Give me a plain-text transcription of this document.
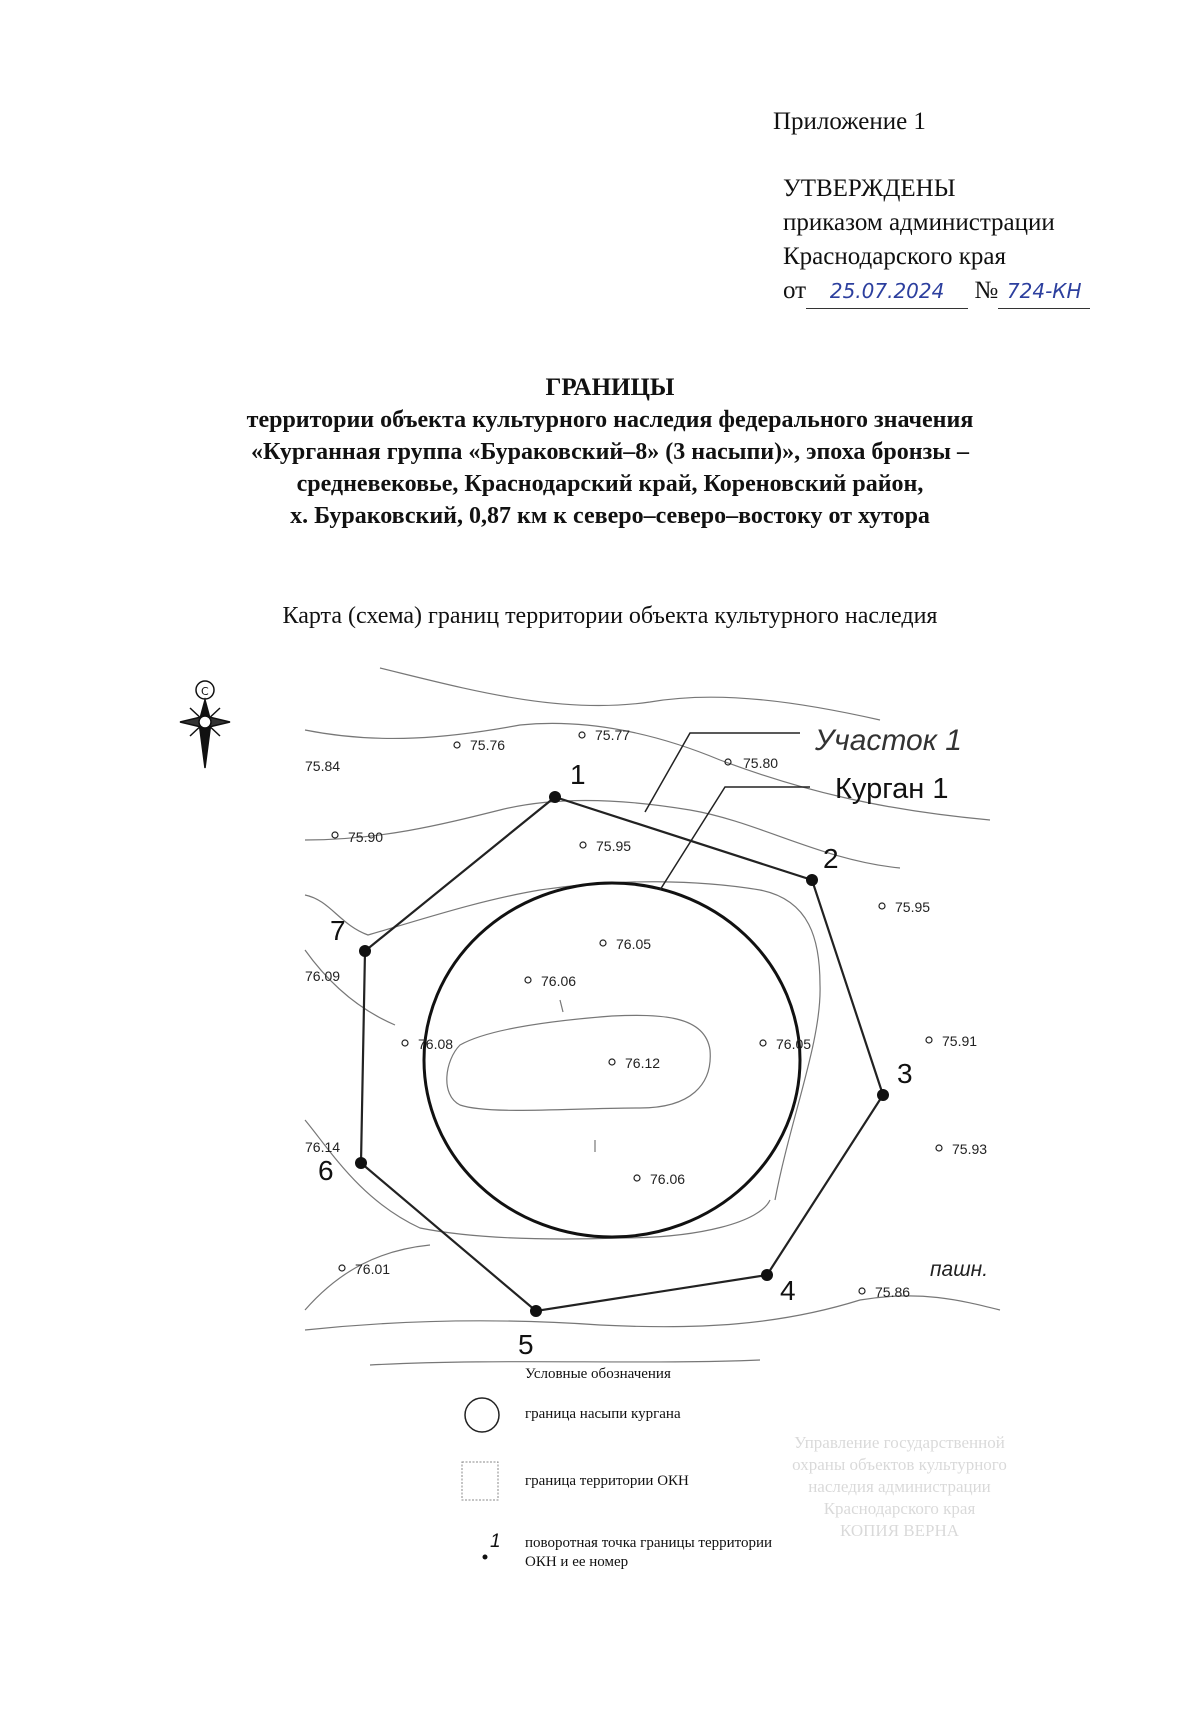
Приложение 1
УТВЕРЖДЕНЫ
приказом администрации
Краснодарского края
от 25.07.2024 № 724-КН
ГРАНИЦЫ
территории объекта культурного наследия федерального значения
«Курганная группа «Бураковский–8» (3 насыпи)», эпоха бронзы –
средневековье, Краснодарский край, Кореновский район,
х. Бураковский, 0,87 км к северо–северо–востоку от хутора
Карта (схема) границ территории объекта культурного наследия
С
1
2
3
4
5
6
7
Участок 1
Курган 1
пашн.
75.84
75.76
75.77
75.80
75.90
75.95
75.95
76.05
76.06
76.09
76.08
76.12
76.05	75.91
75.93
76.14
76.06
76.01
75.86
1
Условные обозначения
граница насыпи кургана
граница территории ОКН
поворотная точка границы территории
ОКН и ее номер
Управление государственной
охраны объектов культурного
наследия администрации
Краснодарского края
КОПИЯ ВЕРНА
